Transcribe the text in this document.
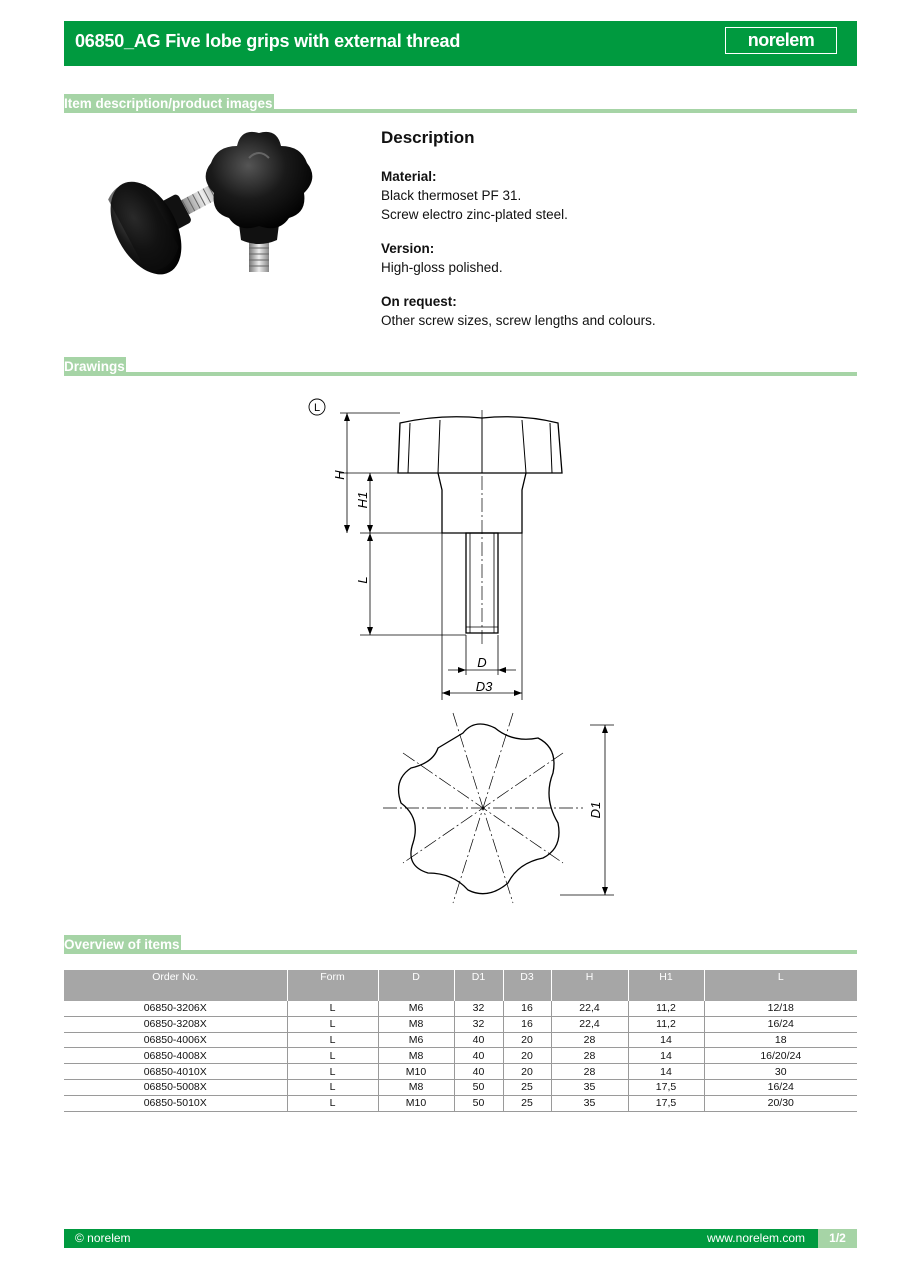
06850_AG Five lobe grips with external thread	norelem
Item description/product images
Description
Material:
Black thermoset PF 31.
Screw electro zinc-plated steel.
Version:
High-gloss polished.
On request:
Other screw sizes, screw lengths and colours.
Drawings
L
H
H1
L
D
D3
D1
Overview of items
Order No.	Form	D	D1	D3	H	H1	L
06850-3206X	L	M6	32	16	22,4	11,2	12/18
06850-3208X	L	M8	32	16	22,4	11,2	16/24
06850-4006X	L	M6	40	20	28	14	18
06850-4008X	L	M8	40	20	28	14	16/20/24
06850-4010X	L	M10	40	20	28	14	30
06850-5008X	L	M8	50	25	35	17,5	16/24
06850-5010X	L	M10	50	25	35	17,5	20/30
© norelem	www.norelem.com	1/2
